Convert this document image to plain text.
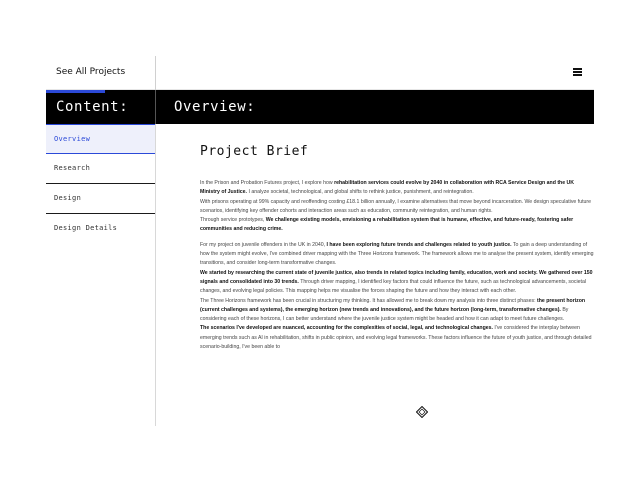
See All Projects
Content:	Overview:
Overview
Research
Design
Design Details
Project Brief

In the Prison and Probation Futures project, I explore how rehabilitation services could evolve by 2040 in collaboration with RCA Service Design and the UK Ministry of Justice. I analyze societal, technological, and global shifts to rethink justice, punishment, and reintegration.

With prisons operating at 99% capacity and reoffending costing £18.1 billion annually, I examine alternatives that move beyond incarceration. We design speculative future scenarios, identifying key offender cohorts and interaction areas such as education, community reintegration, and human rights.

Through service prototypes, We challenge existing models, envisioning a rehabilitation system that is humane, effective, and future-ready, fostering safer communities and reducing crime.

For my project on juvenile offenders in the UK in 2040, I have been exploring future trends and challenges related to youth justice. To gain a deep understanding of how the system might evolve, I've combined driver mapping with the Three Horizons framework. The framework allows me to analyse the present system, identify emerging transitions, and consider long-term transformative changes.

We started by researching the current state of juvenile justice, also trends in related topics including family, education, work and society. We gathered over 150 signals and consolidated into 30 trends. Through driver mapping, I identified key factors that could influence the future, such as technological advancements, societal changes, and evolving legal policies. This mapping helps me visualise the forces shaping the future and how they interact with each other.

The Three Horizons framework has been crucial in structuring my thinking. It has allowed me to break down my analysis into three distinct phases: the present horizon (current challenges and systems), the emerging horizon (new trends and innovations), and the future horizon (long-term, transformative changes). By considering each of these horizons, I can better understand where the juvenile justice system might be headed and how it can adapt to meet future challenges.

The scenarios I've developed are nuanced, accounting for the complexities of social, legal, and technological changes. I've considered the interplay between emerging trends such as AI in rehabilitation, shifts in public opinion, and evolving legal frameworks. These factors influence the future of youth justice, and through detailed scenario-building, I've been able to
